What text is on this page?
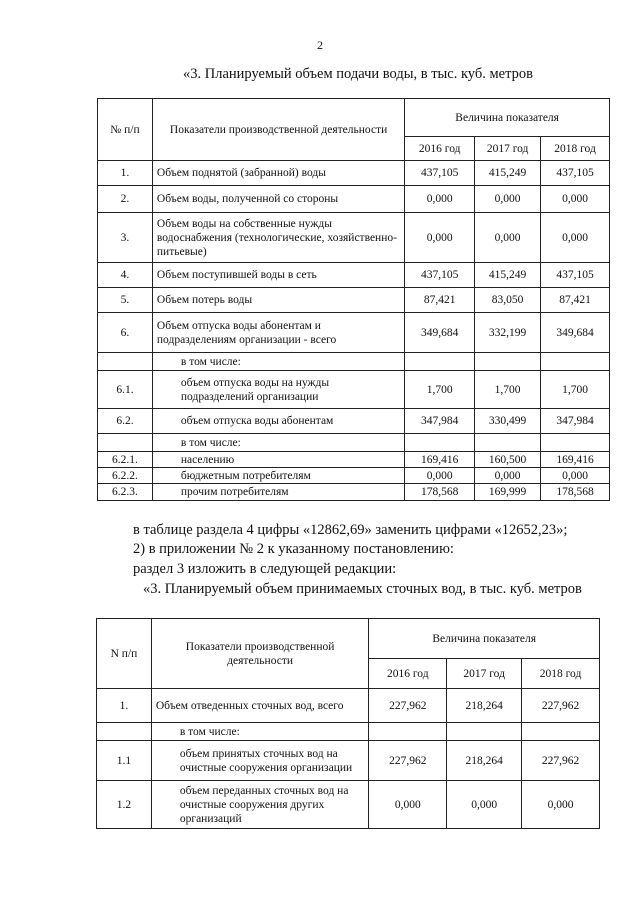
2
«3. Планируемый объем подачи воды, в тыс. куб. метров
№ п/п	Показатели производственной деятельности	Величина показателя		
		2016 год	2017 год	2018 год
1.	Объем поднятой (забранной) воды	437,105	415,249	437,105
2.	Объем воды, полученной со стороны	0,000	0,000	0,000
3.	Объем воды на собственные нужды водоснабжения (технологические, хозяйственно-питьевые)	0,000	0,000	0,000
4.	Объем поступившей воды в сеть	437,105	415,249	437,105
5.	Объем потерь воды	87,421	83,050	87,421
6.	Объем отпуска воды абонентам и подразделениям организации - всего	349,684	332,199	349,684
	в том числе:			
6.1.	объем отпуска воды на нужды подразделений организации	1,700	1,700	1,700
6.2.	объем отпуска воды абонентам	347,984	330,499	347,984
	в том числе:			
6.2.1.	населению	169,416	160,500	169,416
6.2.2.	бюджетным потребителям	0,000	0,000	0,000
6.2.3.	прочим потребителям	178,568	169,999	178,568
в таблице раздела 4 цифры «12862,69» заменить цифрами «12652,23»;
2) в приложении № 2 к указанному постановлению:
раздел 3 изложить в следующей редакции:
«3. Планируемый объем принимаемых сточных вод, в тыс. куб. метров
N п/п	Показатели производственной деятельности	Величина показателя		
		2016 год	2017 год	2018 год
1.	Объем отведенных сточных вод, всего	227,962	218,264	227,962
	в том числе:			
1.1	объем принятых сточных вод на очистные сооружения организации	227,962	218,264	227,962
1.2	объем переданных сточных вод на очистные сооружения других организаций	0,000	0,000	0,000
